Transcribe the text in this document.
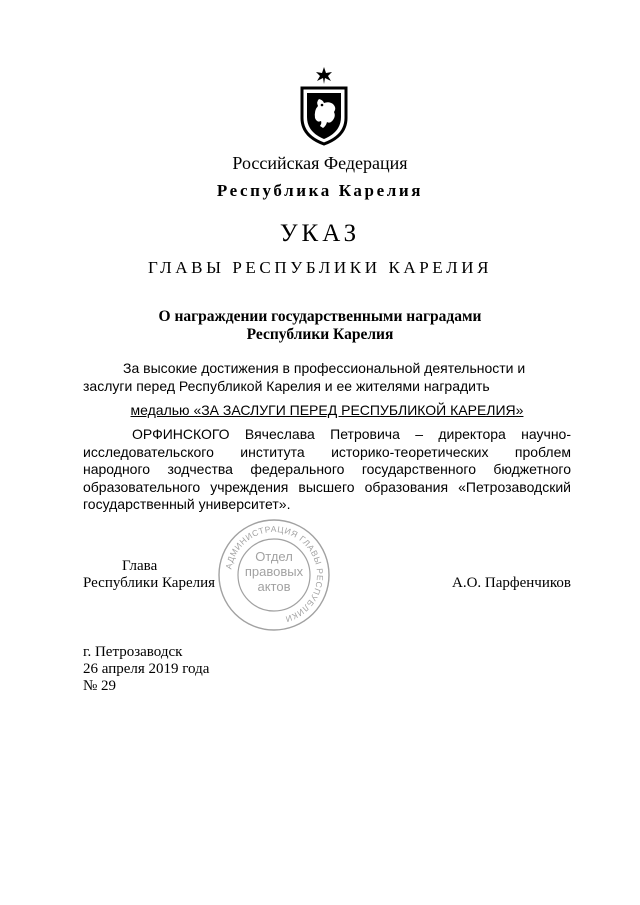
Российская Федерация
Республика Карелия
УКАЗ
ГЛАВЫ РЕСПУБЛИКИ КАРЕЛИЯ
О награждении государственными наградами
Республики Карелия
За высокие достижения в профессиональной деятельности и заслуги перед Республикой Карелия и ее жителями наградить
медалью «ЗА ЗАСЛУГИ ПЕРЕД РЕСПУБЛИКОЙ КАРЕЛИЯ»
ОРФИНСКОГО Вячеслава Петровича – директора научно-исследовательского института историко-теоретических проблем народного зодчества федерального государственного бюджетного образовательного учреждения высшего образования «Петрозаводский государственный университет».
Глава
Республики Карелия	А.О. Парфенчиков
АДМИНИСТРАЦИЯ ГЛАВЫ РЕСПУБЛИКИ
Отдел
правовых
актов
г. Петрозаводск
26 апреля 2019 года
№ 29
